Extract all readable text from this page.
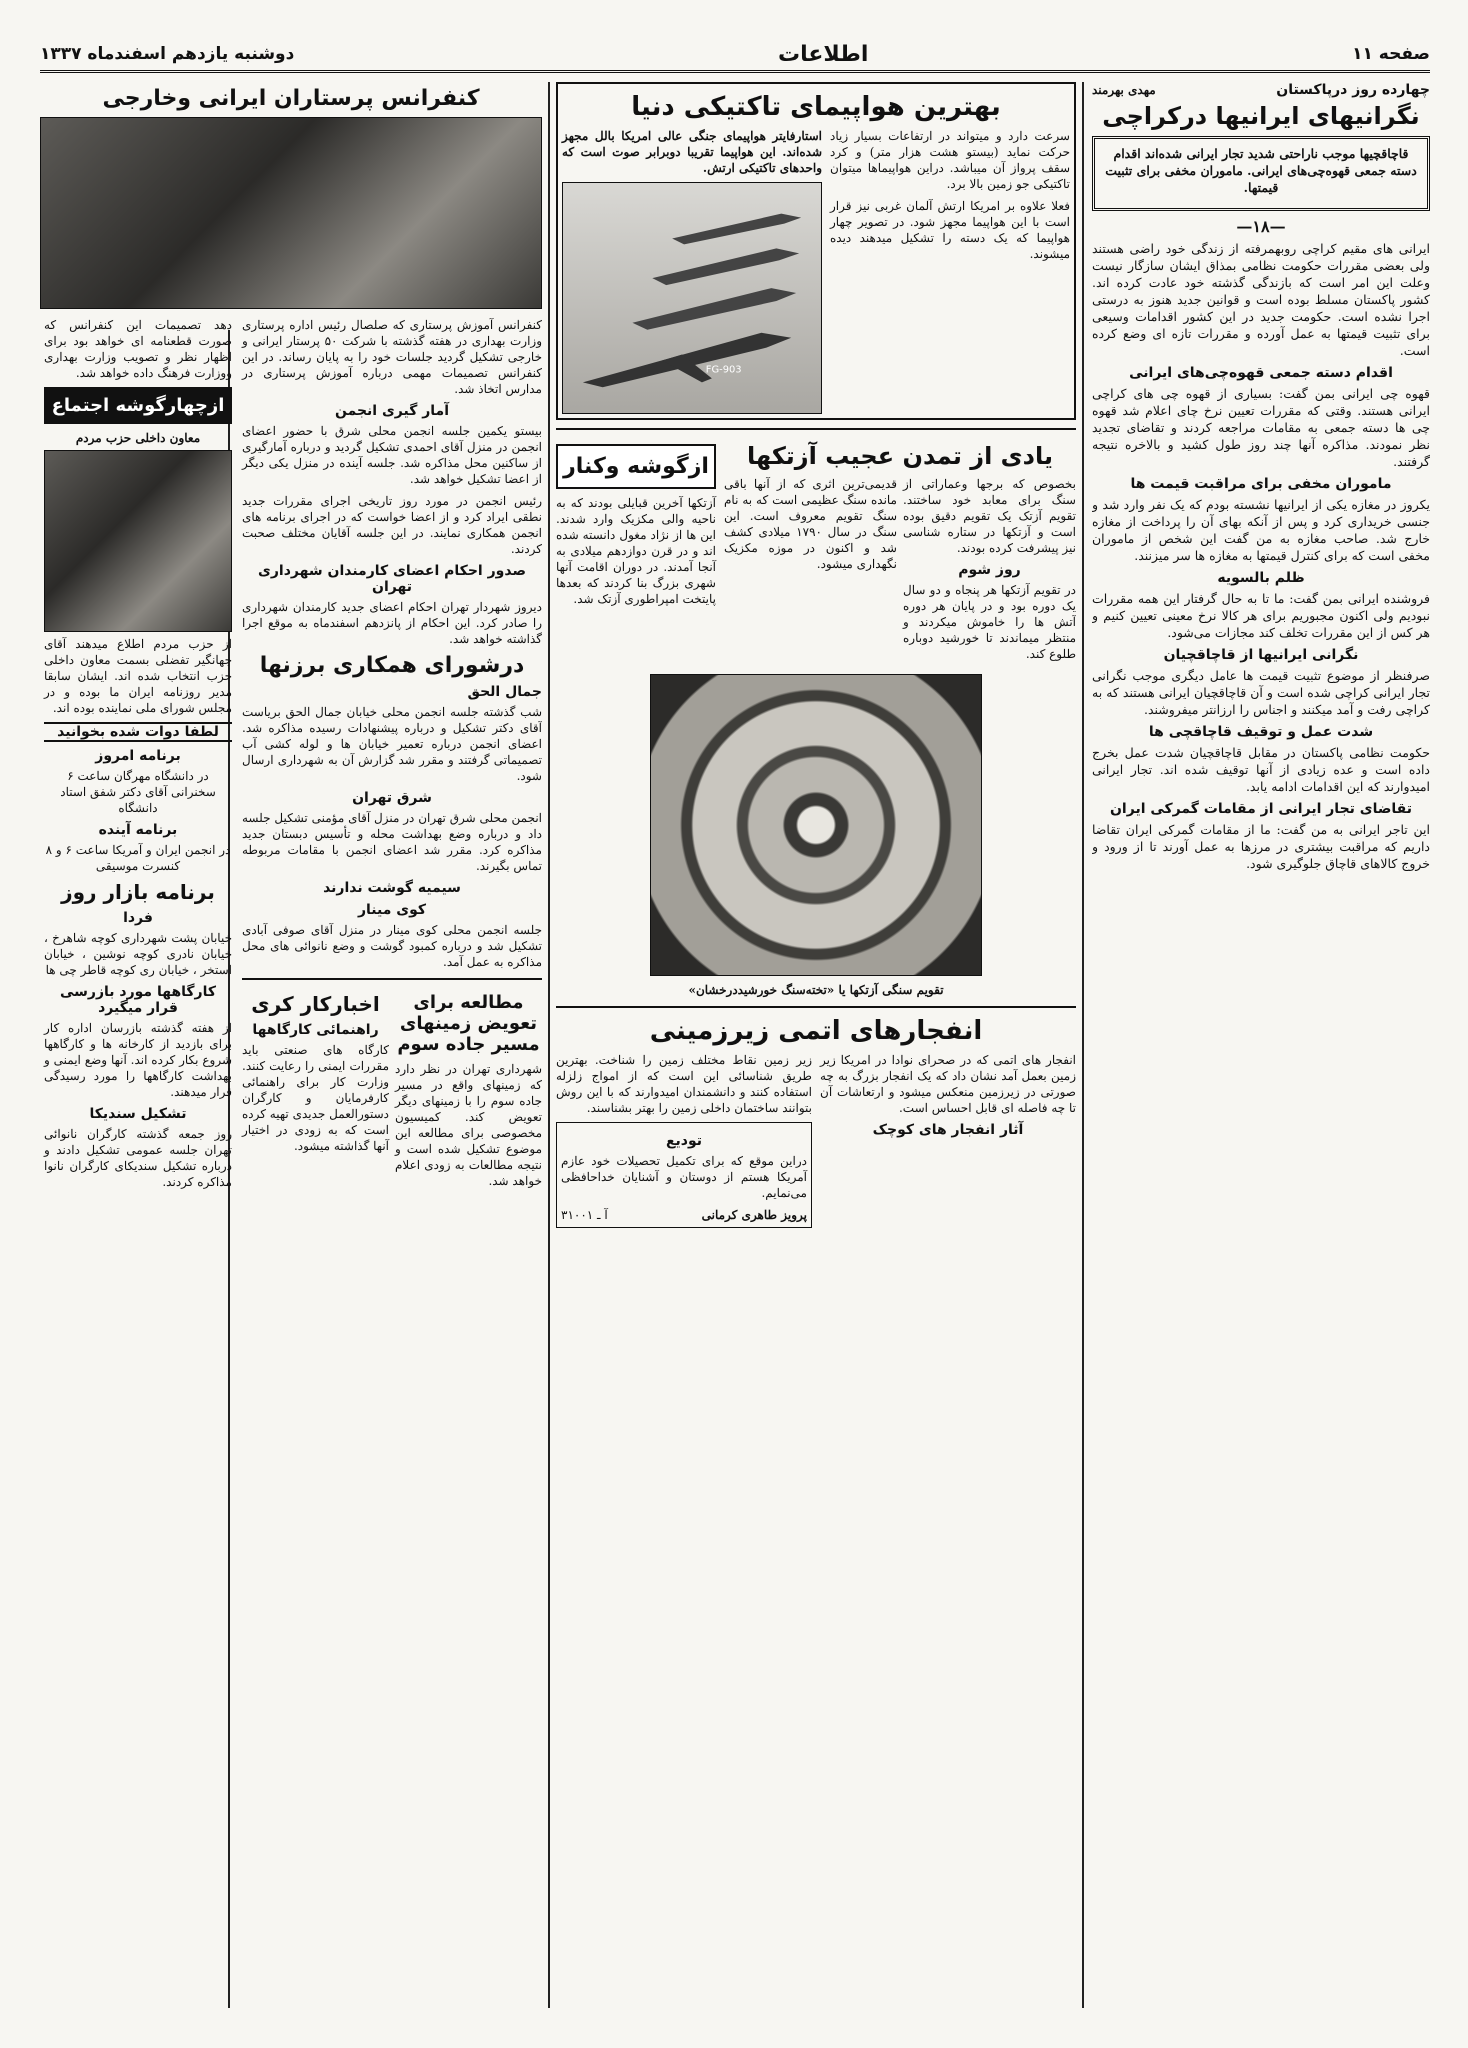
صفحه ۱۱
اطلاعات
دوشنبه یازدهم اسفندماه ۱۳۳۷
چهارده روز درپاکستان
مهدی بهرمند
نگرانیهای ایرانیها درکراچی
قاچاقچیها موجب ناراحتی شدید تجار ایرانی شده‌اند اقدام دسته جمعی قهوه‌چی‌های ایرانی. ماموران مخفی برای تثبیت قیمتها.
—۱۸—

ایرانی های مقیم کراچی روبهمرفته از زندگی خود راضی هستند ولی بعضی مقررات حکومت نظامی بمذاق ایشان سازگار نیست وعلت این امر است که بازندگی گذشته خود عادت کرده اند. کشور پاکستان مسلط بوده است و قوانین جدید هنوز به درستی اجرا نشده است. حکومت جدید در این کشور اقدامات وسیعی برای تثبیت قیمتها به عمل آورده و مقررات تازه ای وضع کرده است.

اقدام دسته جمعی قهوه‌چی‌های ایرانی

قهوه چی ایرانی بمن گفت: بسیاری از قهوه چی های کراچی ایرانی هستند. وقتی که مقررات تعیین نرخ چای اعلام شد قهوه چی ها دسته جمعی به مقامات مراجعه کردند و تقاضای تجدید نظر نمودند. مذاکره آنها چند روز طول کشید و بالاخره نتیجه گرفتند.

ماموران مخفی برای مراقبت قیمت ها

یکروز در مغازه یکی از ایرانیها نشسته بودم که یک نفر وارد شد و جنسی خریداری کرد و پس از آنکه بهای آن را پرداخت از مغازه خارج شد. صاحب مغازه به من گفت این شخص از ماموران مخفی است که برای کنترل قیمتها به مغازه ها سر میزنند.

ظلم بالسویه

فروشنده ایرانی بمن گفت: ما تا به حال گرفتار این همه مقررات نبودیم ولی اکنون مجبوریم برای هر کالا نرخ معینی تعیین کنیم و هر کس از این مقررات تخلف کند مجازات می‌شود.

نگرانی ایرانیها از قاچاقچیان

صرفنظر از موضوع تثبیت قیمت ها عامل دیگری موجب نگرانی تجار ایرانی کراچی شده است و آن قاچاقچیان ایرانی هستند که به کراچی رفت و آمد میکنند و اجناس را ارزانتر میفروشند.

شدت عمل و توقیف قاچاقچی ها

حکومت نظامی پاکستان در مقابل قاچاقچیان شدت عمل بخرج داده است و عده زیادی از آنها توقیف شده اند. تجار ایرانی امیدوارند که این اقدامات ادامه یابد.

تقاضای تجار ایرانی از مقامات گمرکی ایران

این تاجر ایرانی به من گفت: ما از مقامات گمرکی ایران تقاضا داریم که مراقبت بیشتری در مرزها به عمل آورند تا از ورود و خروج کالاهای قاچاق جلوگیری شود.

بهترین هواپیمای تاکتیکی دنیا

سرعت دارد و میتواند در ارتفاعات بسیار زیاد حرکت نماید (بیستو هشت هزار متر) و کرد سقف پرواز آن میباشد. دراین هواپیماها میتوان تاکتیکی جو زمین بالا برد.

فعلا علاوه بر امریکا ارتش آلمان غربی نیز قرار است با این هواپیما مجهز شود. در تصویر چهار هواپیما که یک دسته را تشکیل میدهند دیده میشوند.

استارفایتر هواپیمای جنگی عالی امریکا بالل مجهز شده‌اند. این هواپیما تقریبا دوبرابر صوت است که واحدهای تاکتیکی ارتش.

FG-903
یادی از تمدن عجیب آزتکها

بخصوص که برجها وعماراتی از سنگ برای معابد خود ساختند. تقویم آزتک یک تقویم دقیق بوده است و آزتکها در ستاره شناسی نیز پیشرفت کرده بودند.

روز شوم

در تقویم آزتکها هر پنجاه و دو سال یک دوره بود و در پایان هر دوره آتش ها را خاموش میکردند و منتظر میماندند تا خورشید دوباره طلوع کند.

قدیمی‌ترین اثری که از آنها باقی مانده سنگ عظیمی است که به نام سنگ تقویم معروف است. این سنگ در سال ۱۷۹۰ میلادی کشف شد و اکنون در موزه مکزیک نگهداری میشود.

ازگوشه وکنار

آزتکها آخرین قبایلی بودند که به ناحیه والی مکزیک وارد شدند. این ها از نژاد مغول دانسته شده اند و در قرن دوازدهم میلادی به آنجا آمدند. در دوران اقامت آنها شهری بزرگ بنا کردند که بعدها پایتخت امپراطوری آزتک شد.

تقویم سنگی آزتکها یا «تخته‌سنگ خورشیددرخشان»
انفجارهای اتمی زیرزمینی

انفجار های اتمی که در صحرای نوادا در امریکا زیر زمین بعمل آمد نشان داد که یک انفجار بزرگ به چه صورتی در زیرزمین منعکس میشود و ارتعاشات آن تا چه فاصله ای قابل احساس است.

آثار انفجار های کوچک

زیر زمین نقاط مختلف زمین را شناخت. بهترین طریق شناسائی این است که از امواج زلزله استفاده کنند و دانشمندان امیدوارند که با این روش بتوانند ساختمان داخلی زمین را بهتر بشناسند.

تودیع

دراین موقع که برای تکمیل تحصیلات خود عازم آمریکا هستم از دوستان و آشنایان خداحافظی می‌نمایم.

پرویز طاهری کرمانی
آ ـ ۳۱۰۰۱
کنفرانس پرستاران ایرانی وخارجی

کنفرانس آموزش پرستاری که صلصال رئیس اداره پرستاری وزارت بهداری در هفته گذشته با شرکت ۵۰ پرستار ایرانی و خارجی تشکیل گردید جلسات خود را به پایان رساند. در این کنفرانس تصمیمات مهمی درباره آموزش پرستاری در مدارس اتخاذ شد.

آمار گیری انجمن

بیستو یکمین جلسه انجمن محلی شرق با حضور اعضای انجمن در منزل آقای احمدی تشکیل گردید و درباره آمارگیری از ساکنین محل مذاکره شد. جلسه آینده در منزل یکی دیگر از اعضا تشکیل خواهد شد.

رئیس انجمن در مورد روز تاریخی اجرای مقررات جدید نطقی ایراد کرد و از اعضا خواست که در اجرای برنامه های انجمن همکاری نمایند. در این جلسه آقایان مختلف صحبت کردند.

صدور احکام اعضای کارمندان شهرداری تهران

دیروز شهردار تهران احکام اعضای جدید کارمندان شهرداری را صادر کرد. این احکام از پانزدهم اسفندماه به موقع اجرا گذاشته خواهد شد.

درشورای همکاری برزنها
جمال الحق

شب گذشته جلسه انجمن محلی خیابان جمال الحق بریاست آقای دکتر تشکیل و درباره پیشنهادات رسیده مذاکره شد. اعضای انجمن درباره تعمیر خیابان ها و لوله کشی آب تصمیماتی گرفتند و مقرر شد گزارش آن به شهرداری ارسال شود.

شرق تهران

انجمن محلی شرق تهران در منزل آقای مؤمنی تشکیل جلسه داد و درباره وضع بهداشت محله و تأسیس دبستان جدید مذاکره کرد. مقرر شد اعضای انجمن با مقامات مربوطه تماس بگیرند.

سیمیه گوشت ندارند
کوی مینار

جلسه انجمن محلی کوی مینار در منزل آقای صوفی آبادی تشکیل شد و درباره کمبود گوشت و وضع نانوائی های محل مذاکره به عمل آمد.

مطالعه برای تعویض زمینهای مسیر جاده سوم

شهرداری تهران در نظر دارد که زمینهای واقع در مسیر جاده سوم را با زمینهای دیگر تعویض کند. کمیسیون مخصوصی برای مطالعه این موضوع تشکیل شده است و نتیجه مطالعات به زودی اعلام خواهد شد.

اخبارکار کری
راهنمائی کارگاهها

کارگاه های صنعتی باید مقررات ایمنی را رعایت کنند. وزارت کار برای راهنمائی کارفرمایان و کارگران دستورالعمل جدیدی تهیه کرده است که به زودی در اختیار آنها گذاشته میشود.

دهد تصمیمات این کنفرانس که صورت قطعنامه ای خواهد بود برای اظهار نظر و تصویب وزارت بهداری ووزارت فرهنگ داده خواهد شد.

ازچهارگوشه اجتماع
معاون داخلی حزب مردم

از حزب مردم اطلاع میدهند آقای جهانگیر تفضلی بسمت معاون داخلی حزب انتخاب شده اند. ایشان سابقا مدیر روزنامه ایران ما بوده و در مجلس شورای ملی نماینده بوده اند.

لطفا دوات شده بخوانید
برنامه امروز

در دانشگاه مهرگان ساعت ۶ سخنرانی آقای دکتر شفق استاد دانشگاه

برنامه آینده

در انجمن ایران و آمریکا ساعت ۶ و ۸ کنسرت موسیقی

برنامه بازار روز
فردا

خیابان پشت شهرداری کوچه شاهرخ ، خیابان نادری کوچه نوشین ، خیابان استخر ، خیابان ری کوچه قاطر چی ها

کارگاهها مورد بازرسی قرار میگیرد

از هفته گذشته بازرسان اداره کار برای بازدید از کارخانه ها و کارگاهها شروع بکار کرده اند. آنها وضع ایمنی و بهداشت کارگاهها را مورد رسیدگی قرار میدهند.

تشکیل سندیکا

روز جمعه گذشته کارگران نانوائی تهران جلسه عمومی تشکیل دادند و درباره تشکیل سندیکای کارگران نانوا مذاکره کردند.
